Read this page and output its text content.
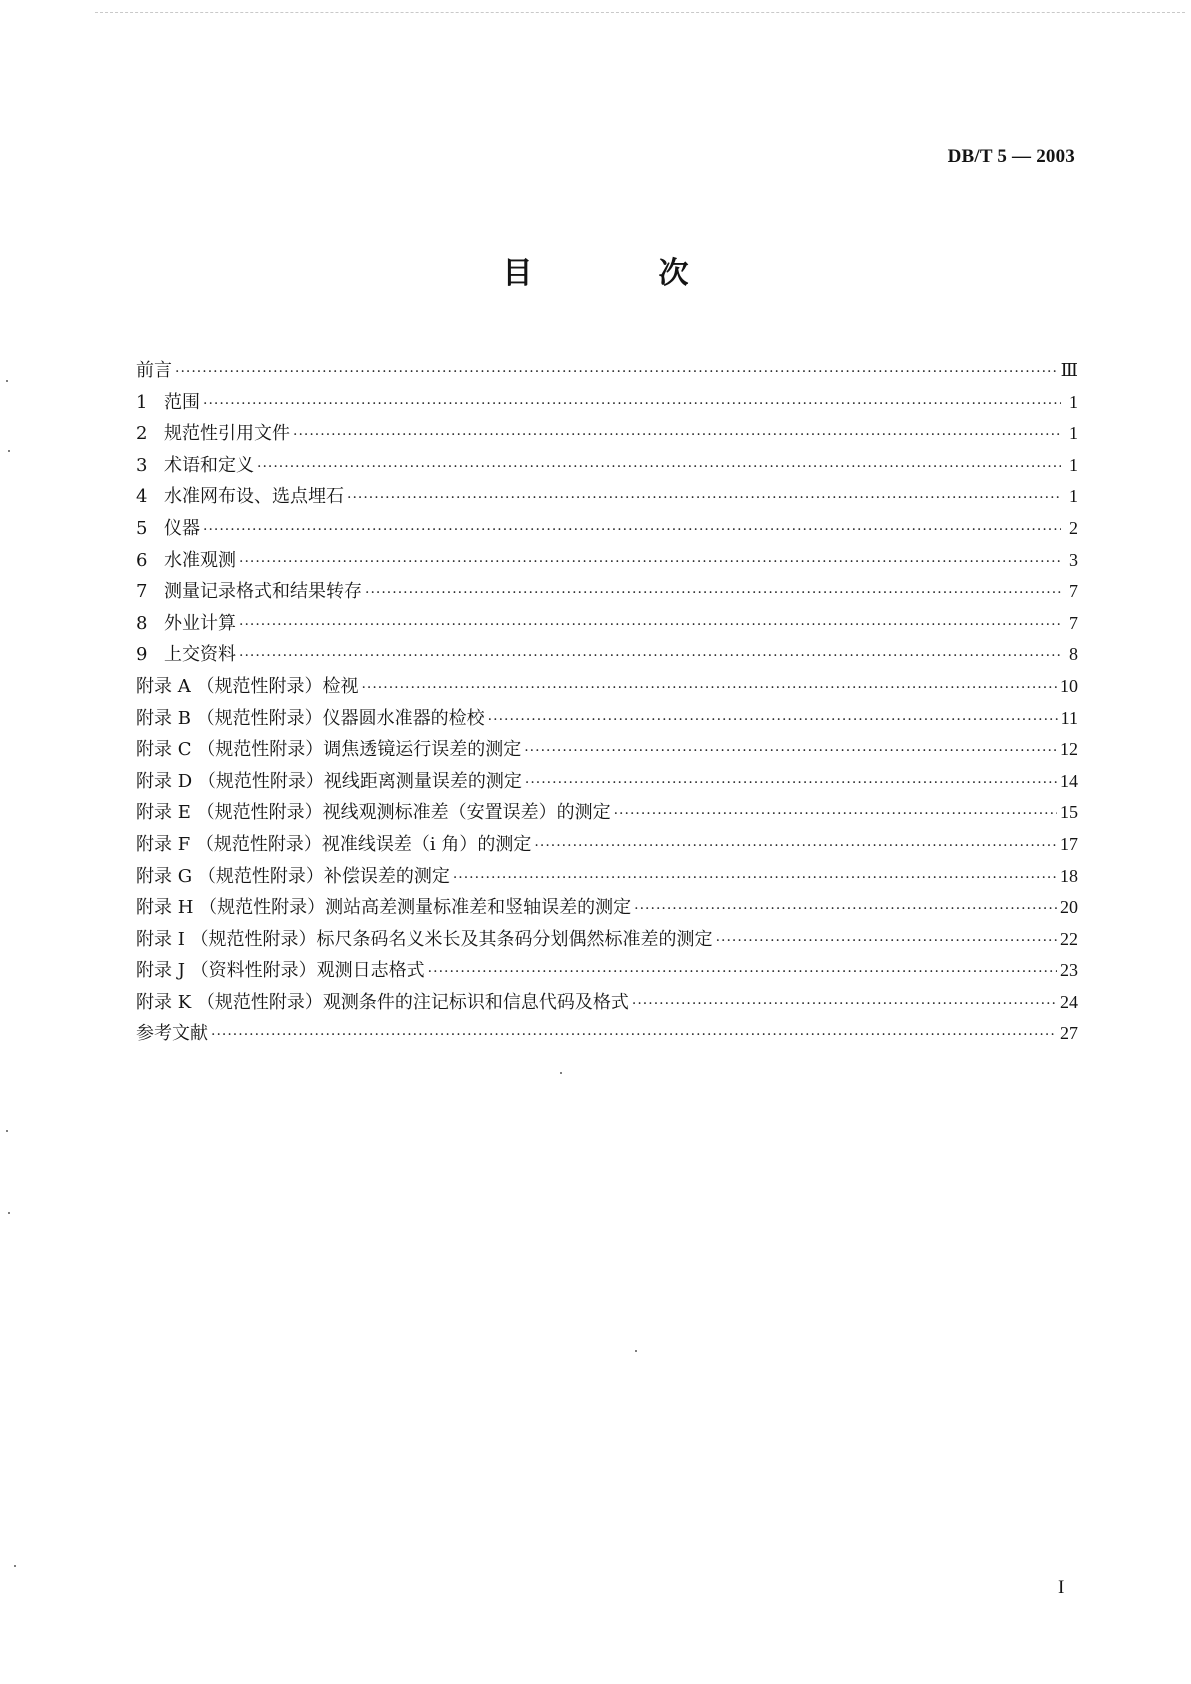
DB/T 5 — 2003
目　次
前言 ·····	Ⅲ
1 范围 ·····	1
2 规范性引用文件 ·····	1
3 术语和定义 ·····	1
4 水准网布设、选点埋石 ·····	1
5 仪器 ·····	2
6 水准观测 ·····	3
7 测量记录格式和结果转存 ·····	7
8 外业计算 ·····	7
9 上交资料 ·····	8
附录 A （规范性附录）检视 ·····	10
附录 B （规范性附录）仪器圆水准器的检校 ·····	11
附录 C （规范性附录）调焦透镜运行误差的测定 ·····	12
附录 D （规范性附录）视线距离测量误差的测定 ·····	14
附录 E （规范性附录）视线观测标准差（安置误差）的测定 ·····	15
附录 F （规范性附录）视准线误差（i 角）的测定 ·····	17
附录 G （规范性附录）补偿误差的测定 ·····	18
附录 H （规范性附录）测站高差测量标准差和竖轴误差的测定 ·····	20
附录 I （规范性附录）标尺条码名义米长及其条码分划偶然标准差的测定 ·····	22
附录 J （资料性附录）观测日志格式 ·····	23
附录 K （规范性附录）观测条件的注记标识和信息代码及格式 ·····	24
参考文献 ·····	27
I
